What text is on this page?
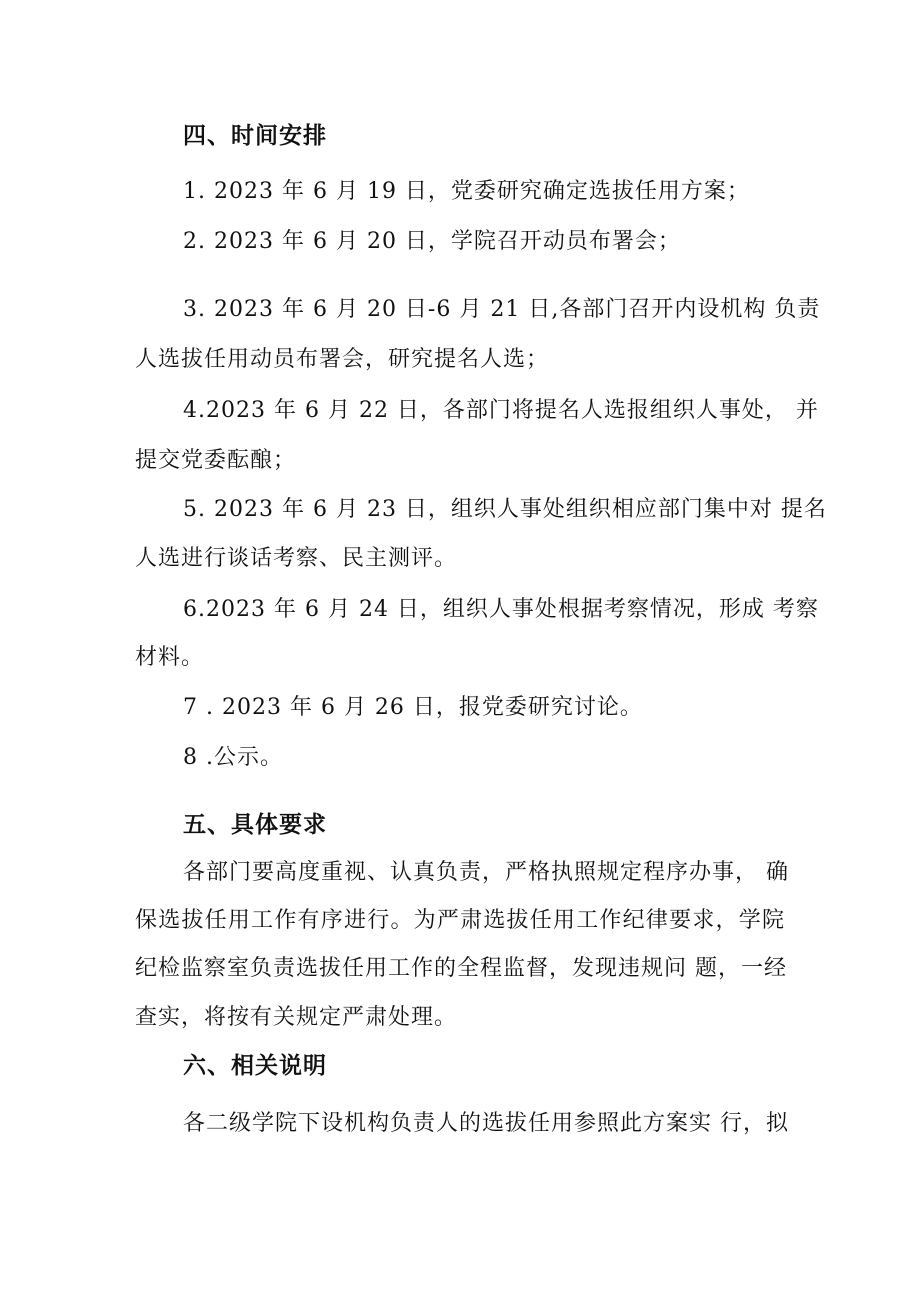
四、时间安排
1. 2023 年 6 月 19 日，党委研究确定选拔任用方案；
2. 2023 年 6 月 20 日，学院召开动员布署会；
3. 2023 年 6 月 20 日-6 月 21 日,各部门召开内设机构 负责
人选拔任用动员布署会，研究提名人选；
4.2023 年 6 月 22 日，各部门将提名人选报组织人事处， 并
提交党委酝酿；
5. 2023 年 6 月 23 日，组织人事处组织相应部门集中对 提名
人选进行谈话考察、民主测评。
6.2023 年 6 月 24 日，组织人事处根据考察情况，形成 考察
材料。
7 . 2023 年 6 月 26 日，报党委研究讨论。
8 .公示。
五、具体要求
各部门要高度重视、认真负责，严格执照规定程序办事， 确
保选拔任用工作有序进行。为严肃选拔任用工作纪律要求，学院
纪检监察室负责选拔任用工作的全程监督，发现违规问 题，一经
查实，将按有关规定严肃处理。
六、相关说明
各二级学院下设机构负责人的选拔任用参照此方案实 行，拟
